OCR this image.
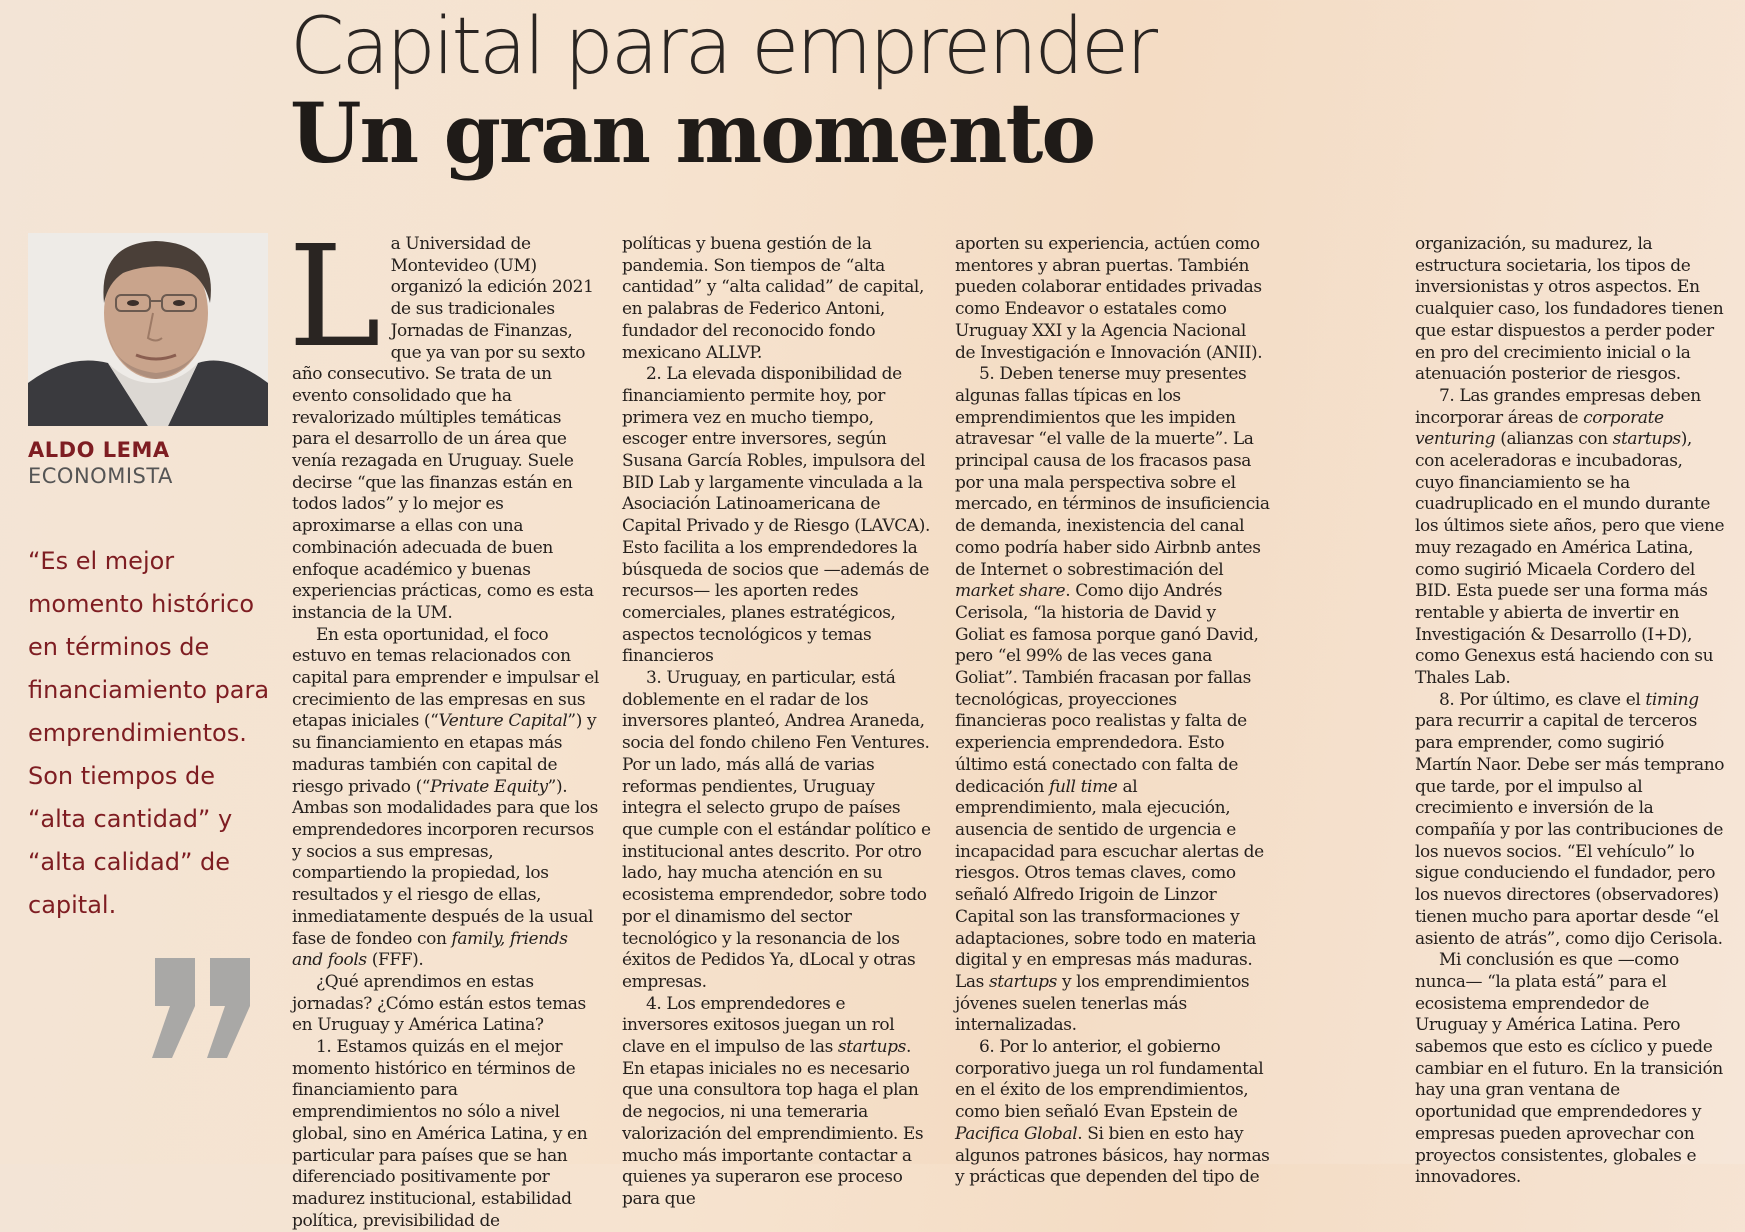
Capital para emprender
Un gran momento
ALDO LEMA
ECONOMISTA
“Es el mejor momento histórico en términos de financiamiento para emprendimientos. Son tiempos de “alta cantidad” y “alta calidad” de capital.
L a Universidad de Montevideo (UM) organizó la edición 2021 de sus tradicionales Jornadas de Finanzas, que ya van por su sexto año consecutivo. Se trata de un evento consolidado que ha revalorizado múltiples temáticas para el desarrollo de un área que venía rezagada en Uruguay. Suele decirse “que las finanzas están en todos lados” y lo mejor es aproximarse a ellas con una combinación adecuada de buen enfoque académico y buenas experiencias prácticas, como es esta instancia de la UM.

En esta oportunidad, el foco estuvo en temas relacionados con capital para emprender e impulsar el crecimiento de las empresas en sus etapas iniciales (“Venture Capital”) y su financiamiento en etapas más maduras también con capital de riesgo privado (“Private Equity”). Ambas son modalidades para que los emprendedores incorporen recursos y socios a sus empresas, compartiendo la propiedad, los resultados y el riesgo de ellas, inmediatamente después de la usual fase de fondeo con family, friends and fools (FFF).

¿Qué aprendimos en estas jornadas? ¿Cómo están estos temas en Uruguay y América Latina?

1. Estamos quizás en el mejor momento histórico en términos de financiamiento para emprendimientos no sólo a nivel global, sino en América Latina, y en particular para países que se han diferenciado positivamente por madurez institucional, estabilidad política, previsibilidad de

políticas y buena gestión de la pandemia. Son tiempos de “alta cantidad” y “alta calidad” de capital, en palabras de Federico Antoni, fundador del reconocido fondo mexicano ALLVP.

2. La elevada disponibilidad de financiamiento permite hoy, por primera vez en mucho tiempo, escoger entre inversores, según Susana García Robles, impulsora del BID Lab y largamente vinculada a la Asociación Latinoamericana de Capital Privado y de Riesgo (LAVCA). Esto facilita a los emprendedores la búsqueda de socios que —además de recursos— les aporten redes comerciales, planes estratégicos, aspectos tecnológicos y temas financieros

3. Uruguay, en particular, está doblemente en el radar de los inversores planteó, Andrea Araneda, socia del fondo chileno Fen Ventures. Por un lado, más allá de varias reformas pendientes, Uruguay integra el selecto grupo de países que cumple con el estándar político e institucional antes descrito. Por otro lado, hay mucha atención en su ecosistema emprendedor, sobre todo por el dinamismo del sector tecnológico y la resonancia de los éxitos de Pedidos Ya, dLocal y otras empresas.

4. Los emprendedores e inversores exitosos juegan un rol clave en el impulso de las startups. En etapas iniciales no es necesario que una consultora top haga el plan de negocios, ni una temeraria valorización del emprendimiento. Es mucho más importante contactar a quienes ya superaron ese proceso para que

aporten su experiencia, actúen como mentores y abran puertas. También pueden colaborar entidades privadas como Endeavor o estatales como Uruguay XXI y la Agencia Nacional de Investigación e Innovación (ANII).

5. Deben tenerse muy presentes algunas fallas típicas en los emprendimientos que les impiden atravesar “el valle de la muerte”. La principal causa de los fracasos pasa por una mala perspectiva sobre el mercado, en términos de insuficiencia de demanda, inexistencia del canal como podría haber sido Airbnb antes de Internet o sobrestimación del market share. Como dijo Andrés Cerisola, “la historia de David y Goliat es famosa porque ganó David, pero “el 99% de las veces gana Goliat”. También fracasan por fallas tecnológicas, proyecciones financieras poco realistas y falta de experiencia emprendedora. Esto último está conectado con falta de dedicación full time al emprendimiento, mala ejecución, ausencia de sentido de urgencia e incapacidad para escuchar alertas de riesgos. Otros temas claves, como señaló Alfredo Irigoin de Linzor Capital son las transformaciones y adaptaciones, sobre todo en materia digital y en empresas más maduras. Las startups y los emprendimientos jóvenes suelen tenerlas más internalizadas.

6. Por lo anterior, el gobierno corporativo juega un rol fundamental en el éxito de los emprendimientos, como bien señaló Evan Epstein de Pacifica Global. Si bien en esto hay algunos patrones básicos, hay normas y prácticas que dependen del tipo de

organización, su madurez, la estructura societaria, los tipos de inversionistas y otros aspectos. En cualquier caso, los fundadores tienen que estar dispuestos a perder poder en pro del crecimiento inicial o la atenuación posterior de riesgos.

7. Las grandes empresas deben incorporar áreas de corporate venturing (alianzas con startups), con aceleradoras e incubadoras, cuyo financiamiento se ha cuadruplicado en el mundo durante los últimos siete años, pero que viene muy rezagado en América Latina, como sugirió Micaela Cordero del BID. Esta puede ser una forma más rentable y abierta de invertir en Investigación & Desarrollo (I+D), como Genexus está haciendo con su Thales Lab.

8. Por último, es clave el timing para recurrir a capital de terceros para emprender, como sugirió Martín Naor. Debe ser más temprano que tarde, por el impulso al crecimiento e inversión de la compañía y por las contribuciones de los nuevos socios. “El vehículo” lo sigue conduciendo el fundador, pero los nuevos directores (observadores) tienen mucho para aportar desde “el asiento de atrás”, como dijo Cerisola.

Mi conclusión es que —como nunca— “la plata está” para el ecosistema emprendedor de Uruguay y América Latina. Pero sabemos que esto es cíclico y puede cambiar en el futuro. En la transición hay una gran ventana de oportunidad que emprendedores y empresas pueden aprovechar con proyectos consistentes, globales e innovadores.
